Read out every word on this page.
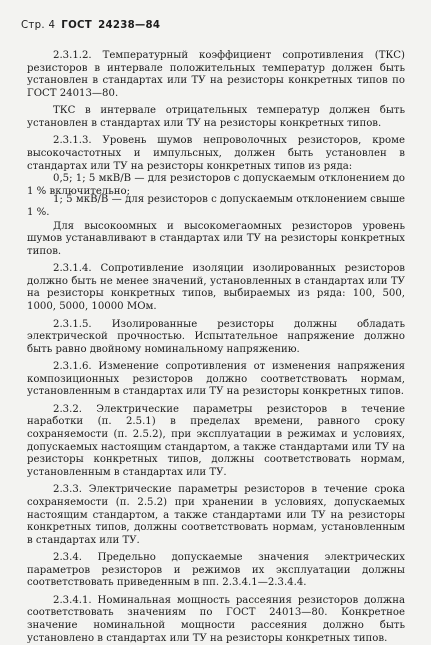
Стр. 4 ГОСТ 24238—84

2.3.1.2. Температурный коэффициент сопротивления (ТКС) резисторов в интервале положительных температур должен быть установлен в стандартах или ТУ на резисторы конкретных типов по ГОСТ 24013—80.

ТКС в интервале отрицательных температур должен быть установлен в стандартах или ТУ на резисторы конкретных типов.

2.3.1.3. Уровень шумов непроволочных резисторов, кроме высокочастотных и импульсных, должен быть установлен в стандартах или ТУ на резисторы конкретных типов из ряда:

0,5; 1; 5 мкВ/В — для резисторов с допускаемым отклонением до 1 % включительно;

1; 5 мкВ/В — для резисторов с допускаемым отклонением свыше 1 %.

Для высокоомных и высокомегаомных резисторов уровень шумов устанавливают в стандартах или ТУ на резисторы конкретных типов.

2.3.1.4. Сопротивление изоляции изолированных резисторов должно быть не менее значений, установленных в стандартах или ТУ на резисторы конкретных типов, выбираемых из ряда: 100, 500, 1000, 5000, 10000 МОм.

2.3.1.5. Изолированные резисторы должны обладать электрической прочностью. Испытательное напряжение должно быть равно двойному номинальному напряжению.

2.3.1.6. Изменение сопротивления от изменения напряжения композиционных резисторов должно соответствовать нормам, установленным в стандартах или ТУ на резисторы конкретных типов.

2.3.2. Электрические параметры резисторов в течение наработки (п. 2.5.1) в пределах времени, равного сроку сохраняемости (п. 2.5.2), при эксплуатации в режимах и условиях, допускаемых настоящим стандартом, а также стандартами или ТУ на резисторы конкретных типов, должны соответствовать нормам, установленным в стандартах или ТУ.

2.3.3. Электрические параметры резисторов в течение срока сохраняемости (п. 2.5.2) при хранении в условиях, допускаемых настоящим стандартом, а также стандартами или ТУ на резисторы конкретных типов, должны соответствовать нормам, установленным в стандартах или ТУ.

2.3.4. Предельно допускаемые значения электрических параметров резисторов и режимов их эксплуатации должны соответствовать приведенным в пп. 2.3.4.1—2.3.4.4.

2.3.4.1. Номинальная мощность рассеяния резисторов должна соответствовать значениям по ГОСТ 24013—80. Конкретное значение номинальной мощности рассеяния должно быть установлено в стандартах или ТУ на резисторы конкретных типов.
